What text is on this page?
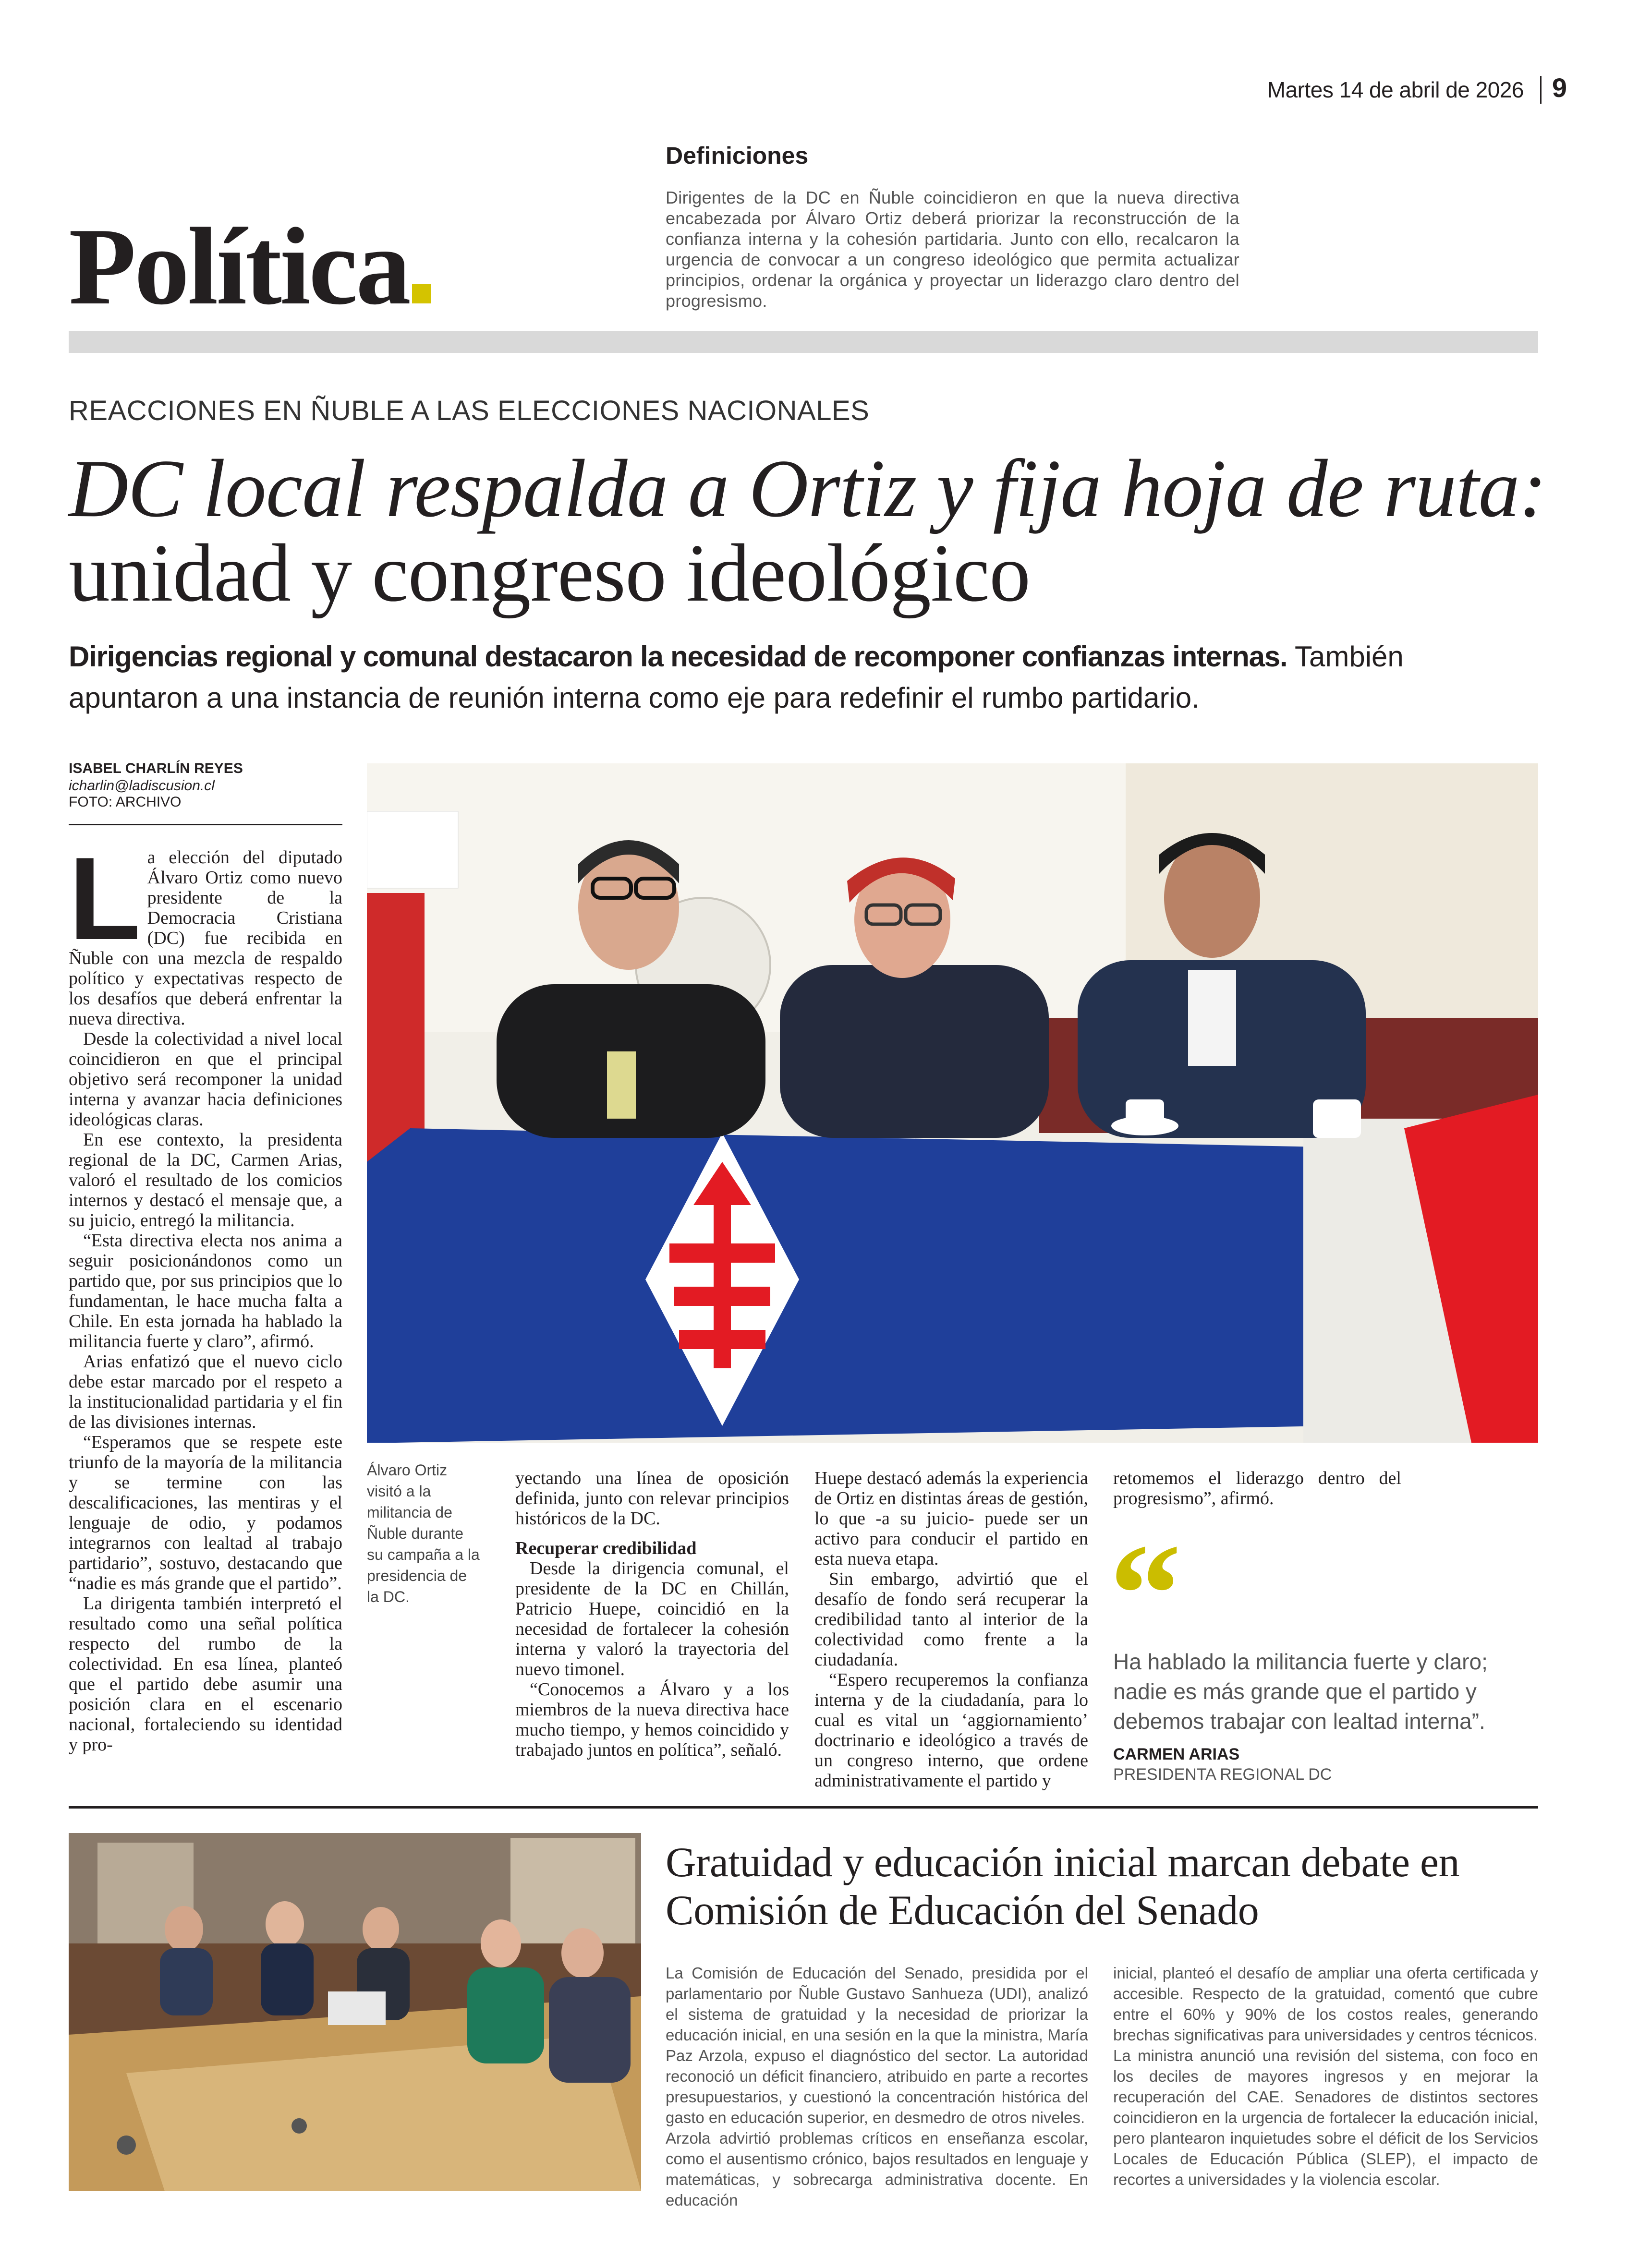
Martes 14 de abril de 2026 9
Política
Definiciones
Dirigentes de la DC en Ñuble coincidieron en que la nueva directiva encabezada por Álvaro Ortiz deberá priorizar la reconstrucción de la confianza interna y la cohesión partidaria. Junto con ello, recalcaron la urgencia de convocar a un congreso ideológico que permita actualizar principios, ordenar la orgánica y proyectar un liderazgo claro dentro del progresismo.
REACCIONES EN ÑUBLE A LAS ELECCIONES NACIONALES
DC local respalda a Ortiz y fija hoja de ruta: unidad y congreso ideológico
Dirigencias regional y comunal destacaron la necesidad de recomponer confianzas internas. También apuntaron a una instancia de reunión interna como eje para redefinir el rumbo partidario.
ISABEL CHARLÍN REYES
icharlin@ladiscusion.cl
FOTO: ARCHIVO

La elección del diputado Álvaro Ortiz como nuevo presidente de la Democracia Cristiana (DC) fue recibida en Ñuble con una mezcla de respaldo político y expectativas respecto de los desafíos que deberá enfrentar la nueva directiva.

Desde la colectividad a nivel local coincidieron en que el principal objetivo será recomponer la unidad interna y avanzar hacia definiciones ideológicas claras.

En ese contexto, la presidenta regional de la DC, Carmen Arias, valoró el resultado de los comicios internos y destacó el mensaje que, a su juicio, entregó la militancia.

“Esta directiva electa nos anima a seguir posicionándonos como un partido que, por sus principios que lo fundamentan, le hace mucha falta a Chile. En esta jornada ha hablado la militancia fuerte y claro”, afirmó.

Arias enfatizó que el nuevo ciclo debe estar marcado por el respeto a la institucionalidad partidaria y el fin de las divisiones internas.

“Esperamos que se respete este triunfo de la mayoría de la militancia y se termine con las descalificaciones, las mentiras y el lenguaje de odio, y podamos integrarnos con lealtad al trabajo partidario”, sostuvo, destacando que “nadie es más grande que el partido”.

La dirigenta también interpretó el resultado como una señal política respecto del rumbo de la colectividad. En esa línea, planteó que el partido debe asumir una posición clara en el escenario nacional, fortaleciendo su identidad y pro-

Álvaro Ortiz visitó a la militancia de Ñuble durante su campaña a la presidencia de la DC.

yectando una línea de oposición definida, junto con relevar principios históricos de la DC.

Recuperar credibilidad

Desde la dirigencia comunal, el presidente de la DC en Chillán, Patricio Huepe, coincidió en la necesidad de fortalecer la cohesión interna y valoró la trayectoria del nuevo timonel.

“Conocemos a Álvaro y a los miembros de la nueva directiva hace mucho tiempo, y hemos coincidido y trabajado juntos en política”, señaló.

Huepe destacó además la experiencia de Ortiz en distintas áreas de gestión, lo que -a su juicio- puede ser un activo para conducir el partido en esta nueva etapa.

Sin embargo, advirtió que el desafío de fondo será recuperar la credibilidad tanto al interior de la colectividad como frente a la ciudadanía.

“Espero recuperemos la confianza interna y de la ciudadanía, para lo cual es vital un ‘aggiornamiento’ doctrinario e ideológico a través de un congreso interno, que ordene administrativamente el partido y

retomemos el liderazgo dentro del progresismo”, afirmó.

“
Ha hablado la militancia fuerte y claro; nadie es más grande que el partido y debemos trabajar con lealtad interna”.
CARMEN ARIAS
PRESIDENTA REGIONAL DC
Gratuidad y educación inicial marcan debate en Comisión de Educación del Senado

La Comisión de Educación del Senado, presidida por el parlamentario por Ñuble Gustavo Sanhueza (UDI), analizó el sistema de gratuidad y la necesidad de priorizar la educación inicial, en una sesión en la que la ministra, María Paz Arzola, expuso el diagnóstico del sector. La autoridad reconoció un déficit financiero, atribuido en parte a recortes presupuestarios, y cuestionó la concentración histórica del gasto en educación superior, en desmedro de otros niveles.

Arzola advirtió problemas críticos en enseñanza escolar, como el ausentismo crónico, bajos resultados en lenguaje y matemáticas, y sobrecarga administrativa docente. En educación

inicial, planteó el desafío de ampliar una oferta certificada y accesible. Respecto de la gratuidad, comentó que cubre entre el 60% y 90% de los costos reales, generando brechas significativas para universidades y centros técnicos.

La ministra anunció una revisión del sistema, con foco en los deciles de mayores ingresos y en mejorar la recuperación del CAE. Senadores de distintos sectores coincidieron en la urgencia de fortalecer la educación inicial, pero plantearon inquietudes sobre el déficit de los Servicios Locales de Educación Pública (SLEP), el impacto de recortes a universidades y la violencia escolar.
